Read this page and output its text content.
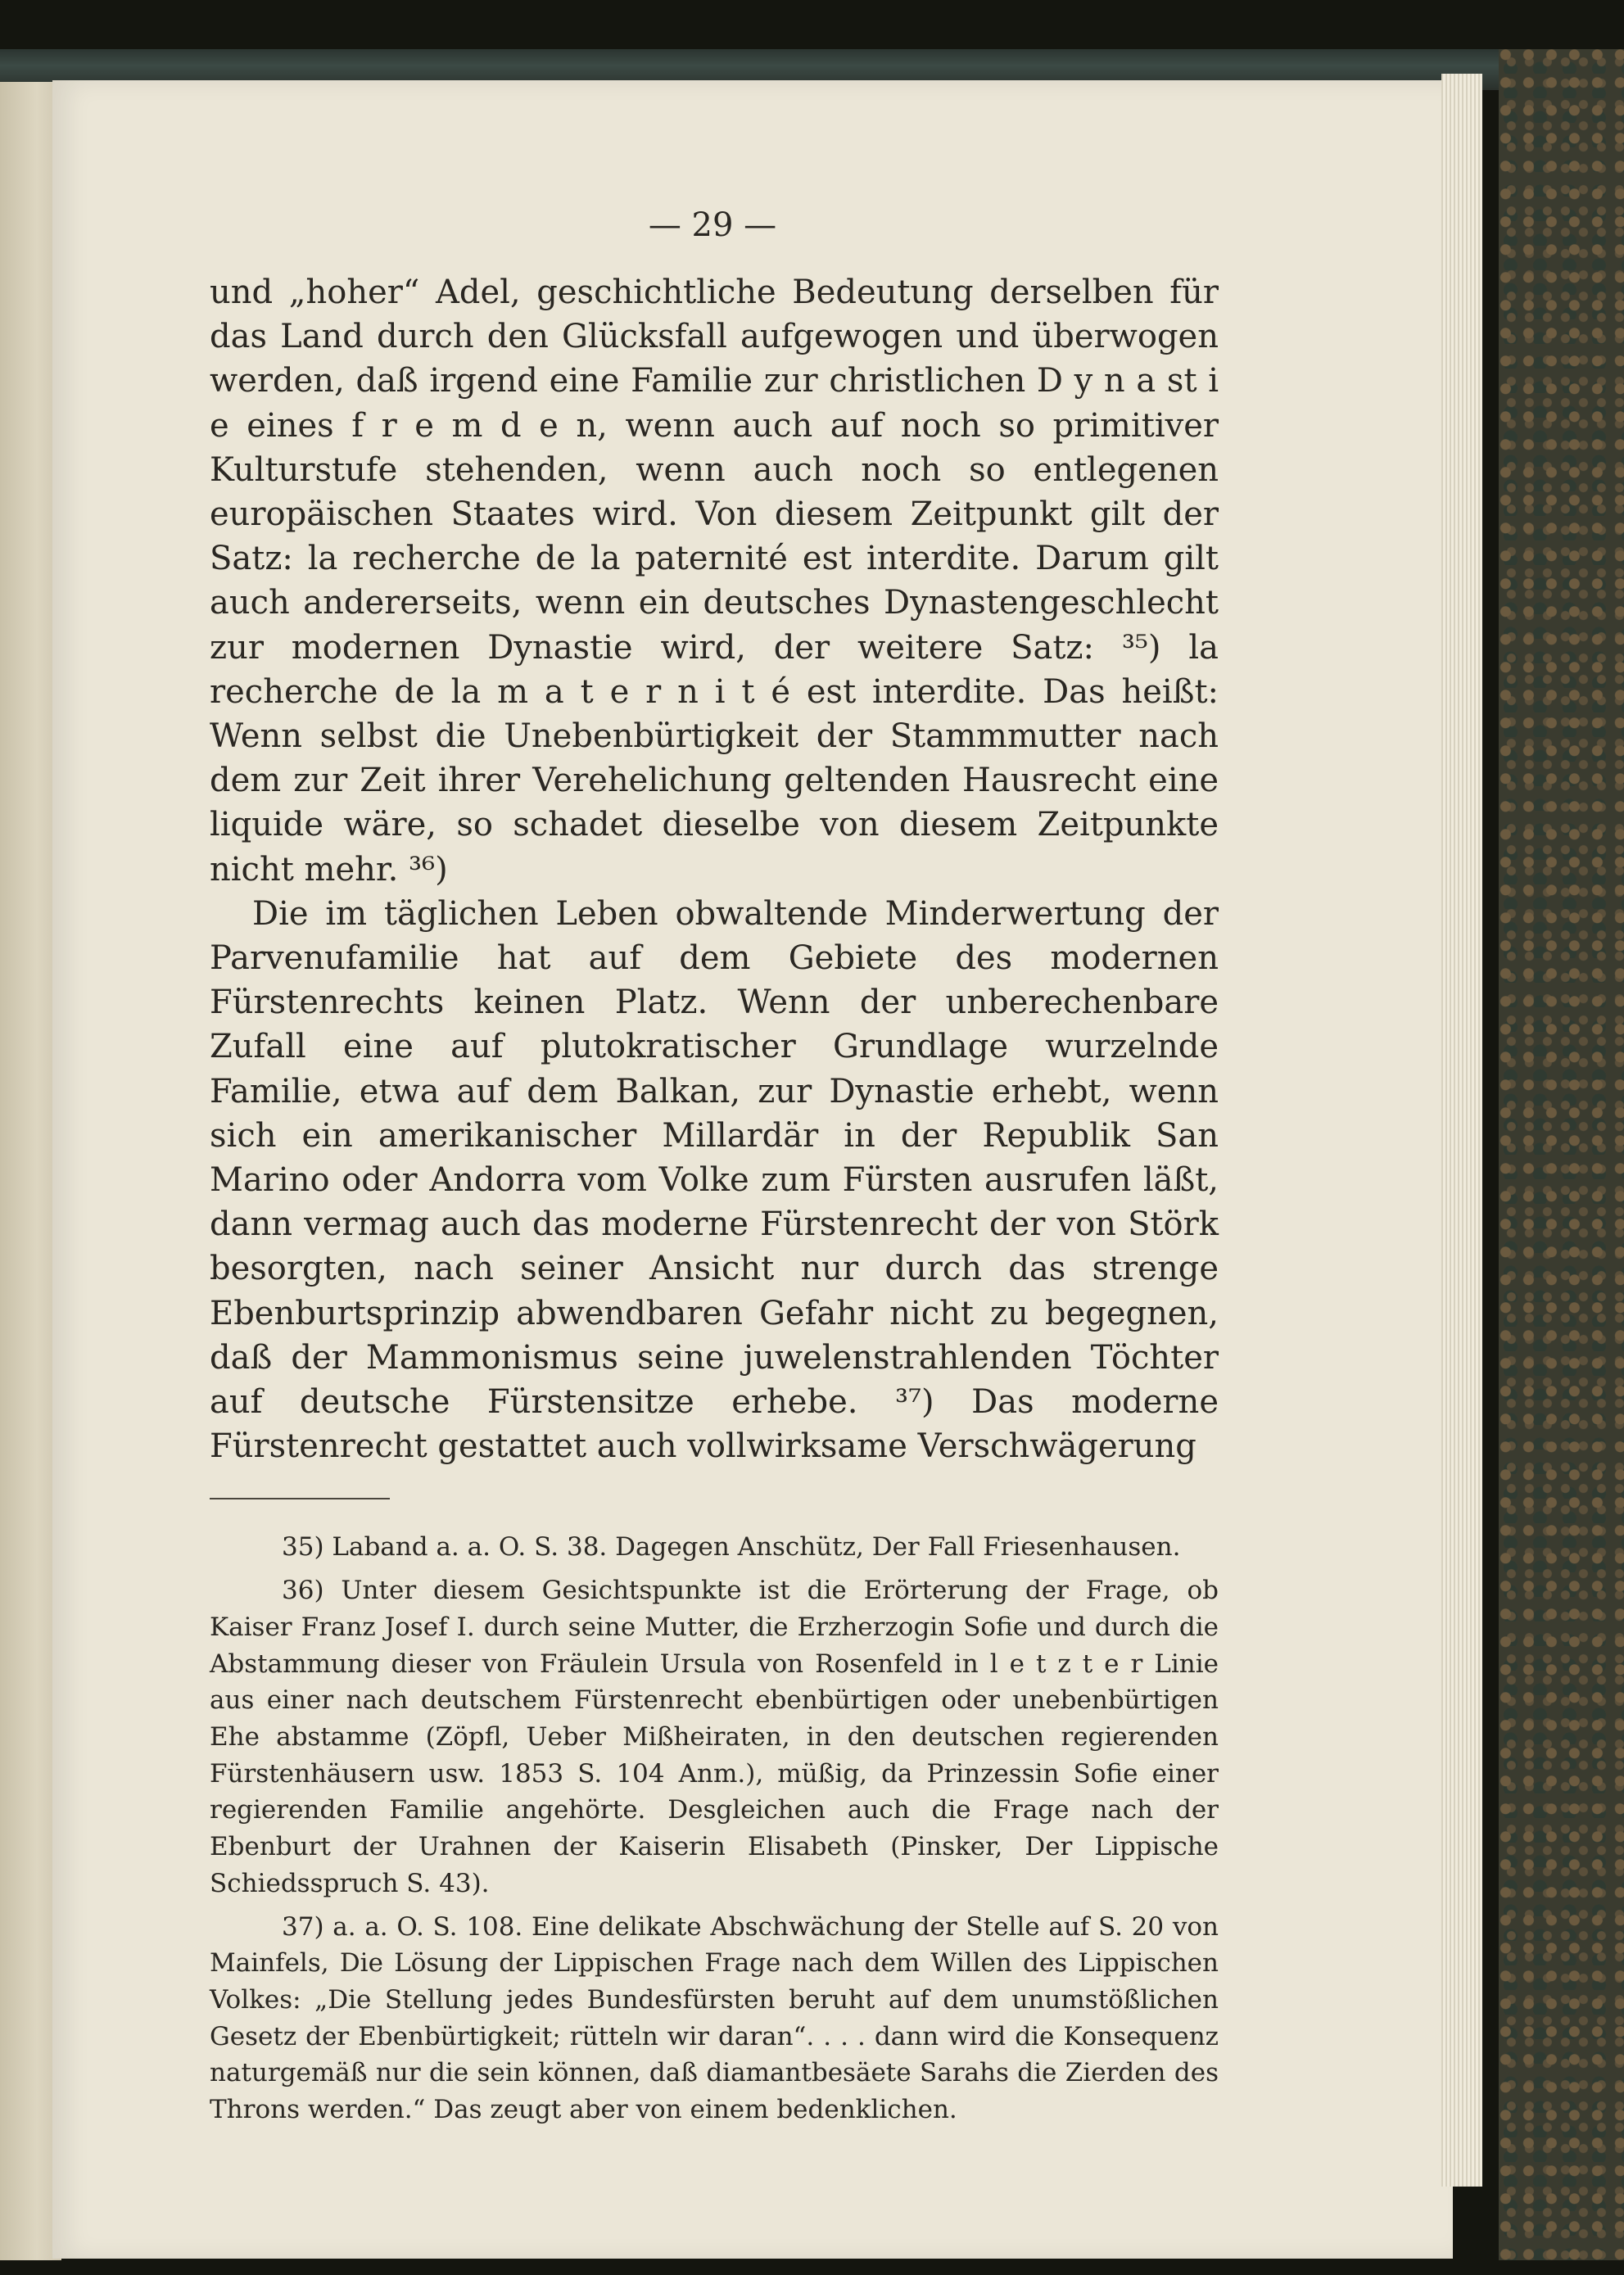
— 29 —

und „hoher“ Adel, geschichtliche Bedeutung derselben für das Land durch den Glücksfall aufgewogen und überwogen werden, daß irgend eine Familie zur christlichen D y n a st i e eines f r e m d e n, wenn auch auf noch so primitiver Kulturstufe stehenden, wenn auch noch so entlegenen europäischen Staates wird. Von diesem Zeitpunkt gilt der Satz: la recherche de la paternité est interdite. Darum gilt auch andererseits, wenn ein deutsches Dynastengeschlecht zur modernen Dynastie wird, der weitere Satz: ³⁵) la recherche de la m a t e r n i t é est interdite. Das heißt: Wenn selbst die Unebenbürtigkeit der Stammmutter nach dem zur Zeit ihrer Verehelichung geltenden Hausrecht eine liquide wäre, so schadet dieselbe von diesem Zeitpunkte nicht mehr. ³⁶)

Die im täglichen Leben obwaltende Minderwertung der Parvenufamilie hat auf dem Gebiete des modernen Fürstenrechts keinen Platz. Wenn der unberechenbare Zufall eine auf plutokratischer Grundlage wurzelnde Familie, etwa auf dem Balkan, zur Dynastie erhebt, wenn sich ein amerikanischer Millardär in der Republik San Marino oder Andorra vom Volke zum Fürsten ausrufen läßt, dann vermag auch das moderne Fürstenrecht der von Störk besorgten, nach seiner Ansicht nur durch das strenge Ebenburtsprinzip abwendbaren Gefahr nicht zu begegnen, daß der Mammonismus seine juwelenstrahlenden Töchter auf deutsche Fürstensitze erhebe. ³⁷) Das moderne Fürstenrecht gestattet auch vollwirksame Verschwägerung

35) Laband a. a. O. S. 38. Dagegen Anschütz, Der Fall Friesenhausen.

36) Unter diesem Gesichtspunkte ist die Erörterung der Frage, ob Kaiser Franz Josef I. durch seine Mutter, die Erzherzogin Sofie und durch die Abstammung dieser von Fräulein Ursula von Rosenfeld in l e t z t e r Linie aus einer nach deutschem Fürstenrecht ebenbürtigen oder unebenbürtigen Ehe abstamme (Zöpfl, Ueber Mißheiraten, in den deutschen regierenden Fürstenhäusern usw. 1853 S. 104 Anm.), müßig, da Prinzessin Sofie einer regierenden Familie angehörte. Desgleichen auch die Frage nach der Ebenburt der Urahnen der Kaiserin Elisabeth (Pinsker, Der Lippische Schiedsspruch S. 43).

37) a. a. O. S. 108. Eine delikate Abschwächung der Stelle auf S. 20 von Mainfels, Die Lösung der Lippischen Frage nach dem Willen des Lippischen Volkes: „Die Stellung jedes Bundesfürsten beruht auf dem unumstößlichen Gesetz der Ebenbürtigkeit; rütteln wir daran“. . . . dann wird die Konsequenz naturgemäß nur die sein können, daß diamantbesäete Sarahs die Zierden des Throns werden.“ Das zeugt aber von einem bedenklichen.
